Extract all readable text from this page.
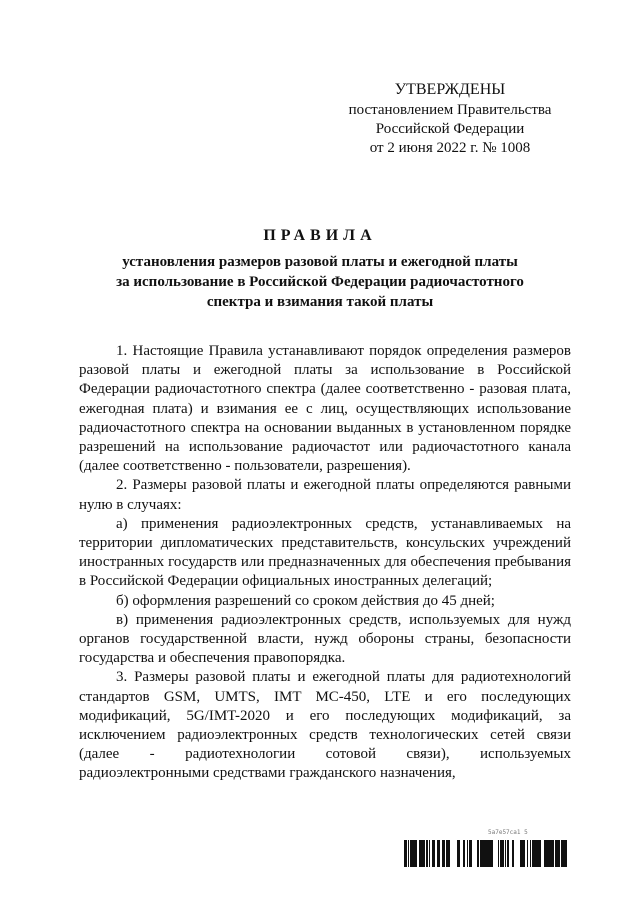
УТВЕРЖДЕНЫ
постановлением Правительства
Российской Федерации
от 2 июня 2022 г. № 1008
ПРАВИЛА
установления размеров разовой платы и ежегодной платы
за использование в Российской Федерации радиочастотного
спектра и взимания такой платы

1. Настоящие Правила устанавливают порядок определения размеров разовой платы и ежегодной платы за использование в Российской Федерации радиочастотного спектра (далее соответственно - разовая плата, ежегодная плата) и взимания ее с лиц, осуществляющих использование радиочастотного спектра на основании выданных в установленном порядке разрешений на использование радиочастот или радиочастотного канала (далее соответственно - пользователи, разрешения).

2. Размеры разовой платы и ежегодной платы определяются равными нулю в случаях:

а) применения радиоэлектронных средств, устанавливаемых на территории дипломатических представительств, консульских учреждений иностранных государств или предназначенных для обеспечения пребывания в Российской Федерации официальных иностранных делегаций;

б) оформления разрешений со сроком действия до 45 дней;

в) применения радиоэлектронных средств, используемых для нужд органов государственной власти, нужд обороны страны, безопасности государства и обеспечения правопорядка.

3. Размеры разовой платы и ежегодной платы для радиотехнологий стандартов GSM, UMTS, IMT MC-450, LTE и его последующих модификаций, 5G/IMT-2020 и его последующих модификаций, за исключением радиоэлектронных средств технологических сетей связи (далее - радиотехнологии сотовой связи), используемых радиоэлектронными средствами гражданского назначения,

5a7e57ca1 5
